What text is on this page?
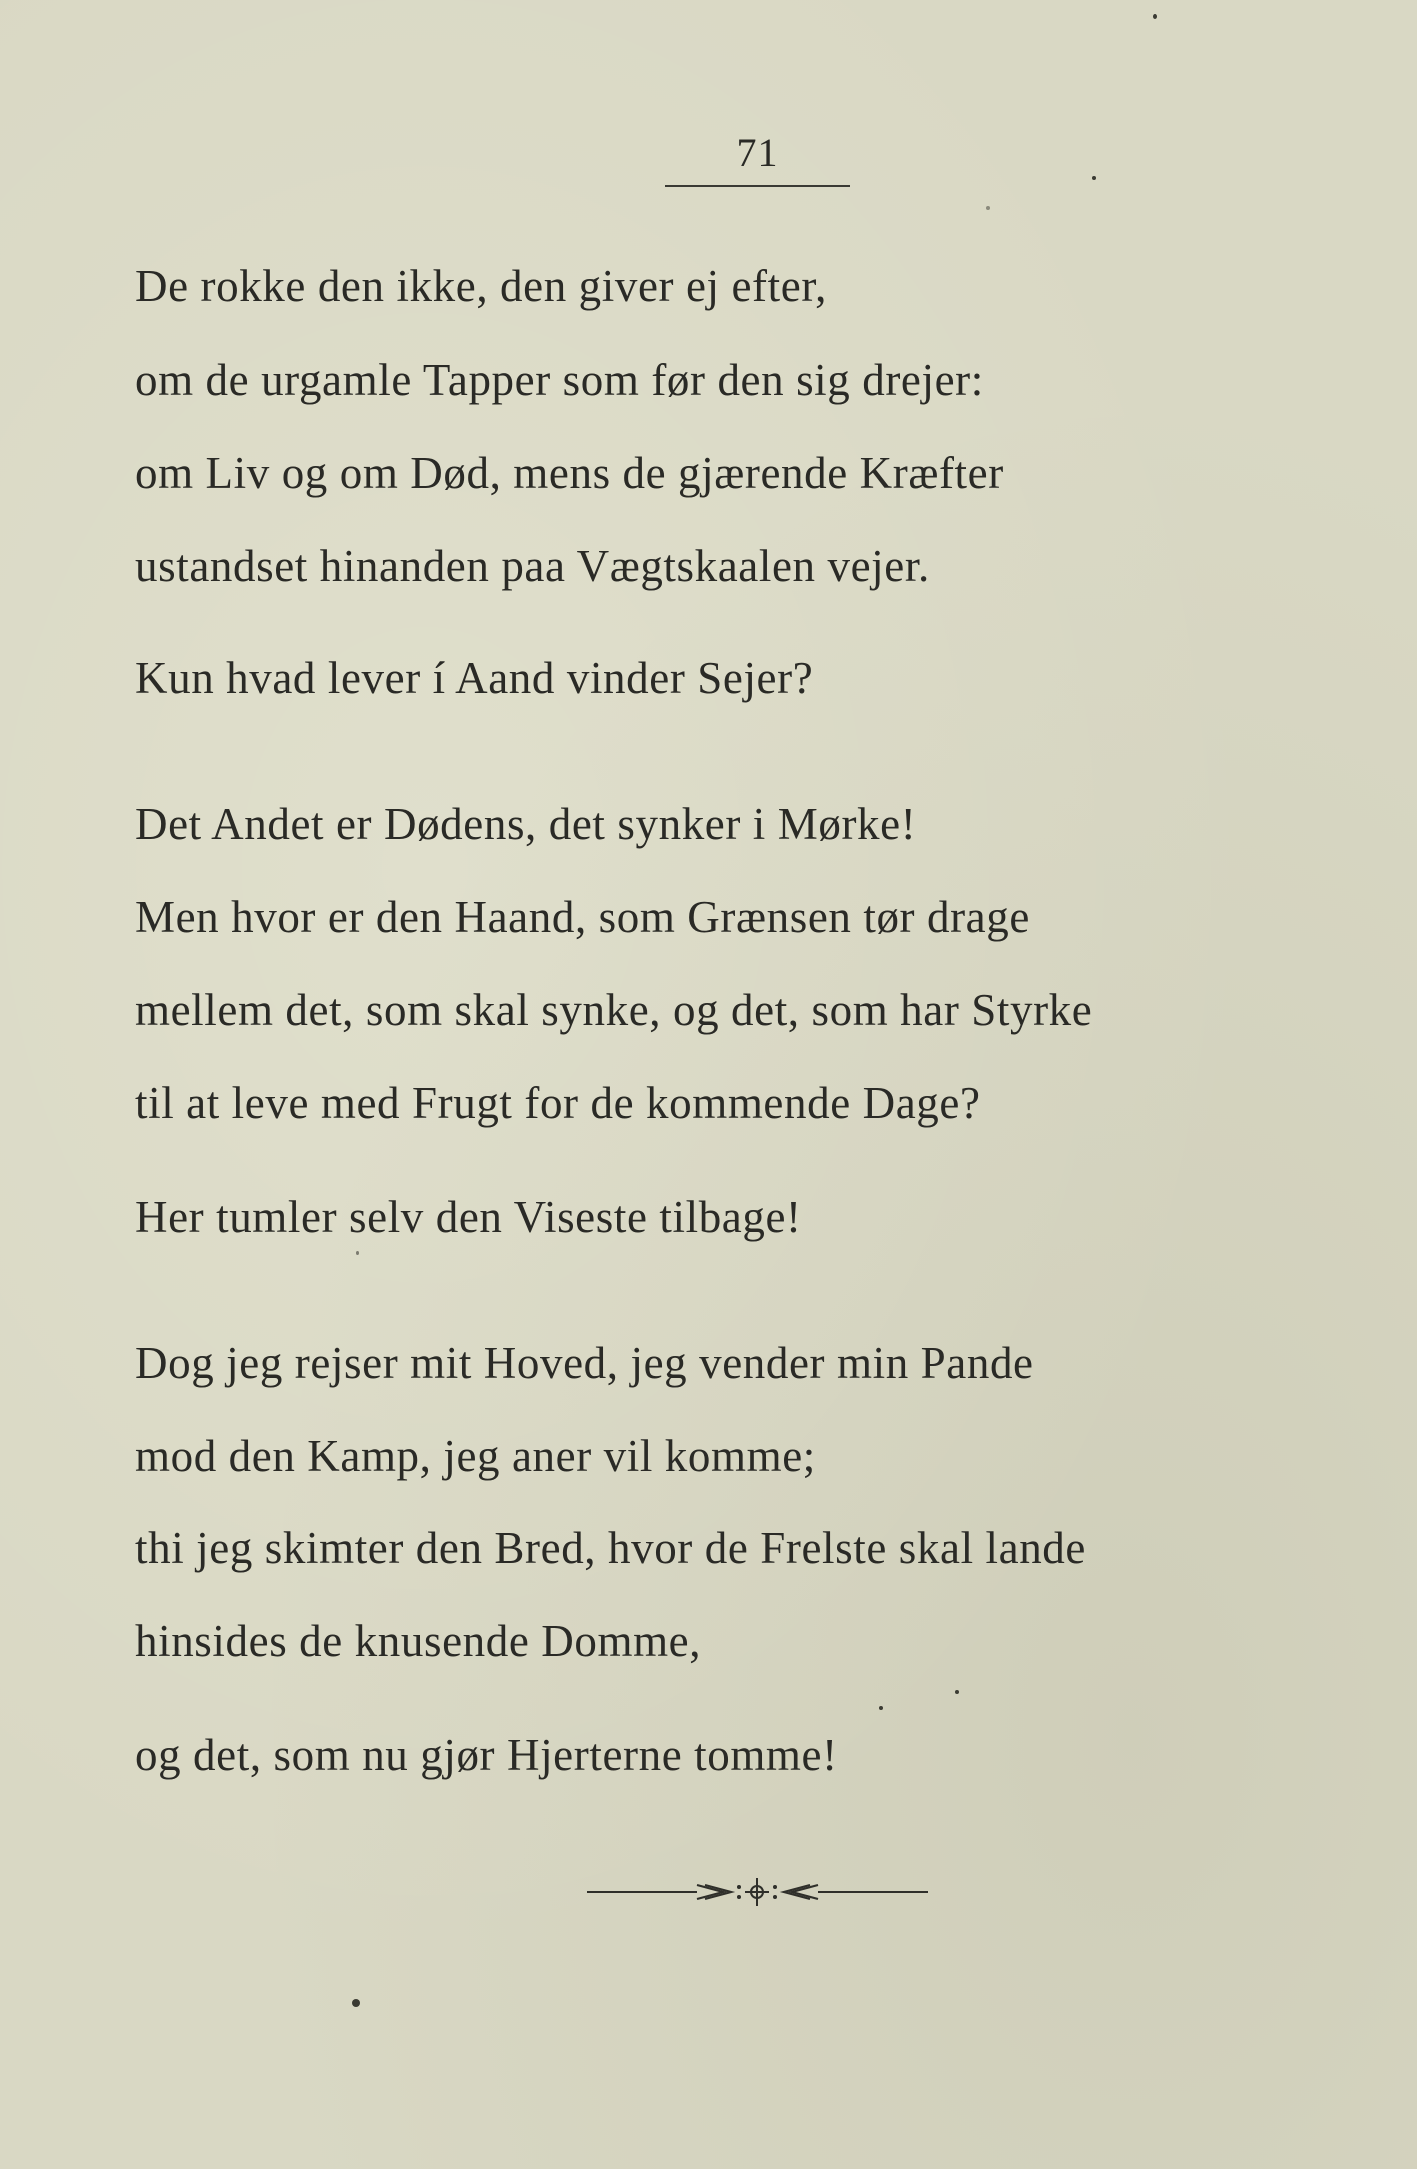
71
De rokke den ikke, den giver ej efter,
om de urgamle Tapper som før den sig drejer:
om Liv og om Død, mens de gjærende Kræfter
ustandset hinanden paa Vægtskaalen vejer.
Kun hvad lever í Aand vinder Sejer?
Det Andet er Dødens, det synker i Mørke!
Men hvor er den Haand, som Grænsen tør drage
mellem det, som skal synke, og det, som har Styrke
til at leve med Frugt for de kommende Dage?
Her tumler selv den Viseste tilbage!
Dog jeg rejser mit Hoved, jeg vender min Pande
mod den Kamp, jeg aner vil komme;
thi jeg skimter den Bred, hvor de Frelste skal lande
hinsides de knusende Domme,
og det, som nu gjør Hjerterne tomme!
